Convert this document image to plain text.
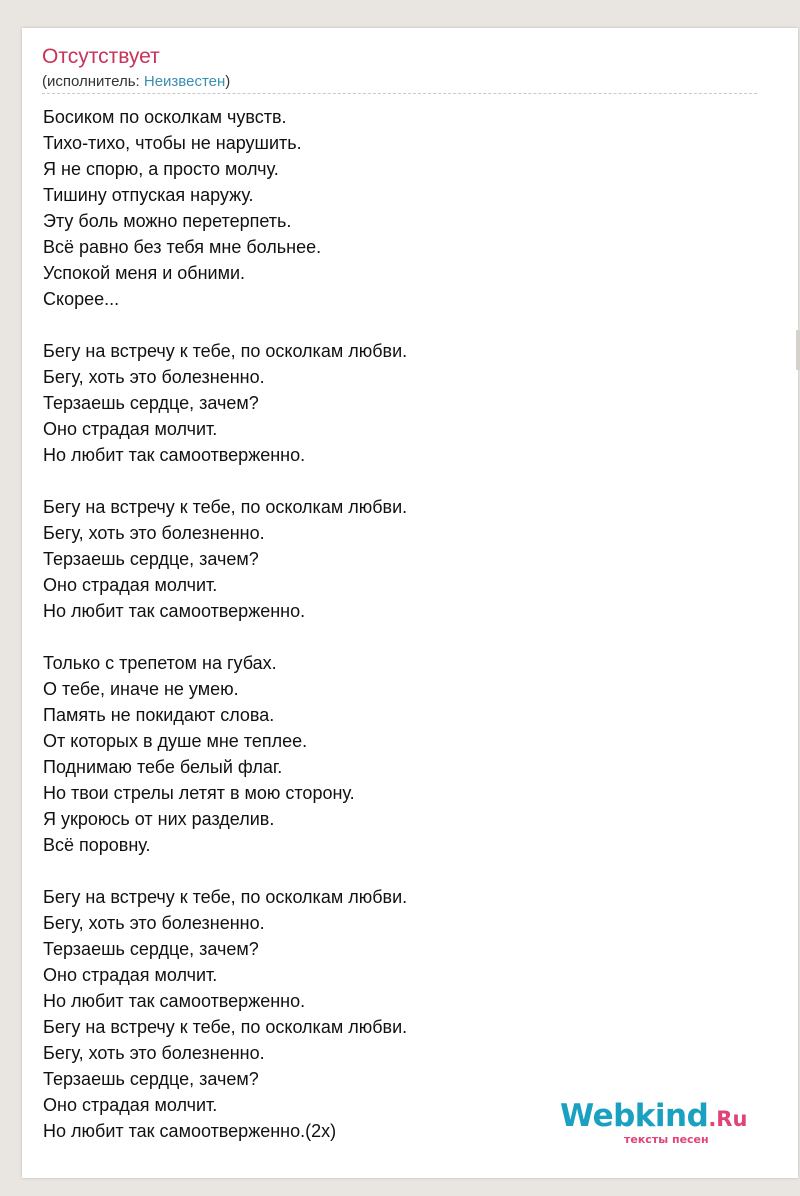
Отсутствует
(исполнитель: Неизвестен)
Босиком по осколкам чувств.
Тихо-тихо, чтобы не нарушить.
Я не спорю, а просто молчу.
Тишину отпуская наружу.
Эту боль можно перетерпеть.
Всё равно без тебя мне больнее.
Успокой меня и обними.
Скорее...
Бегу на встречу к тебе, по осколкам любви.
Бегу, хоть это болезненно.
Терзаешь сердце, зачем?
Оно страдая молчит.
Но любит так самоотверженно.
Бегу на встречу к тебе, по осколкам любви.
Бегу, хоть это болезненно.
Терзаешь сердце, зачем?
Оно страдая молчит.
Но любит так самоотверженно.
Только с трепетом на губах.
О тебе, иначе не умею.
Память не покидают слова.
От которых в душе мне теплее.
Поднимаю тебе белый флаг.
Но твои стрелы летят в мою сторону.
Я укроюсь от них разделив.
Всё поровну.
Бегу на встречу к тебе, по осколкам любви.
Бегу, хоть это болезненно.
Терзаешь сердце, зачем?
Оно страдая молчит.
Но любит так самоотверженно.
Бегу на встречу к тебе, по осколкам любви.
Бегу, хоть это болезненно.
Терзаешь сердце, зачем?
Оно страдая молчит.
Но любит так самоотверженно.(2х)	Webkind.Ru
тексты песен
